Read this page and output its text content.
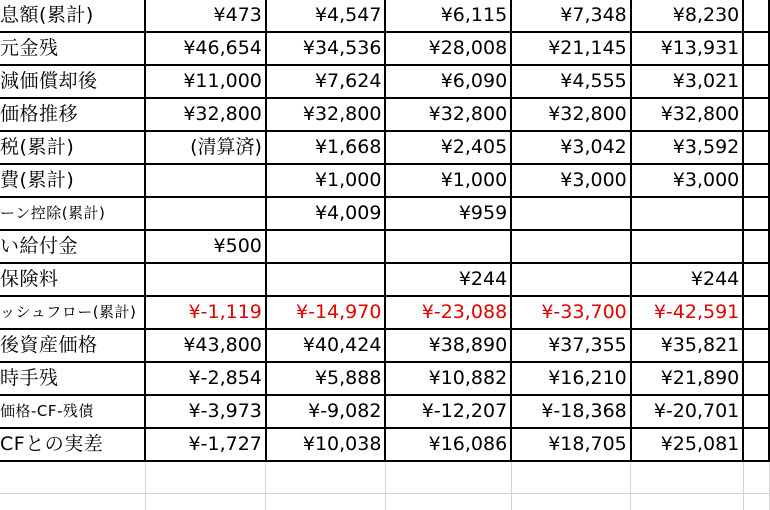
息額(累計)	¥473	¥4,547	¥6,115	¥7,348	¥8,230	
元金残	¥46,654	¥34,536	¥28,008	¥21,145	¥13,931	
減価償却後	¥11,000	¥7,624	¥6,090	¥4,555	¥3,021	
価格推移	¥32,800	¥32,800	¥32,800	¥32,800	¥32,800	
税(累計)	(清算済)	¥1,668	¥2,405	¥3,042	¥3,592	
費(累計)		¥1,000	¥1,000	¥3,000	¥3,000	
ーン控除(累計)		¥4,009	¥959			
い給付金	¥500					
保険料			¥244		¥244	
ッシュフロー(累計)	¥-1,119	¥-14,970	¥-23,088	¥-33,700	¥-42,591	
後資産価格	¥43,800	¥40,424	¥38,890	¥37,355	¥35,821	
時手残	¥-2,854	¥5,888	¥10,882	¥16,210	¥21,890	
価格-CF-残債	¥-3,973	¥-9,082	¥-12,207	¥-18,368	¥-20,701	
CFとの実差	¥-1,727	¥10,038	¥16,086	¥18,705	¥25,081	
